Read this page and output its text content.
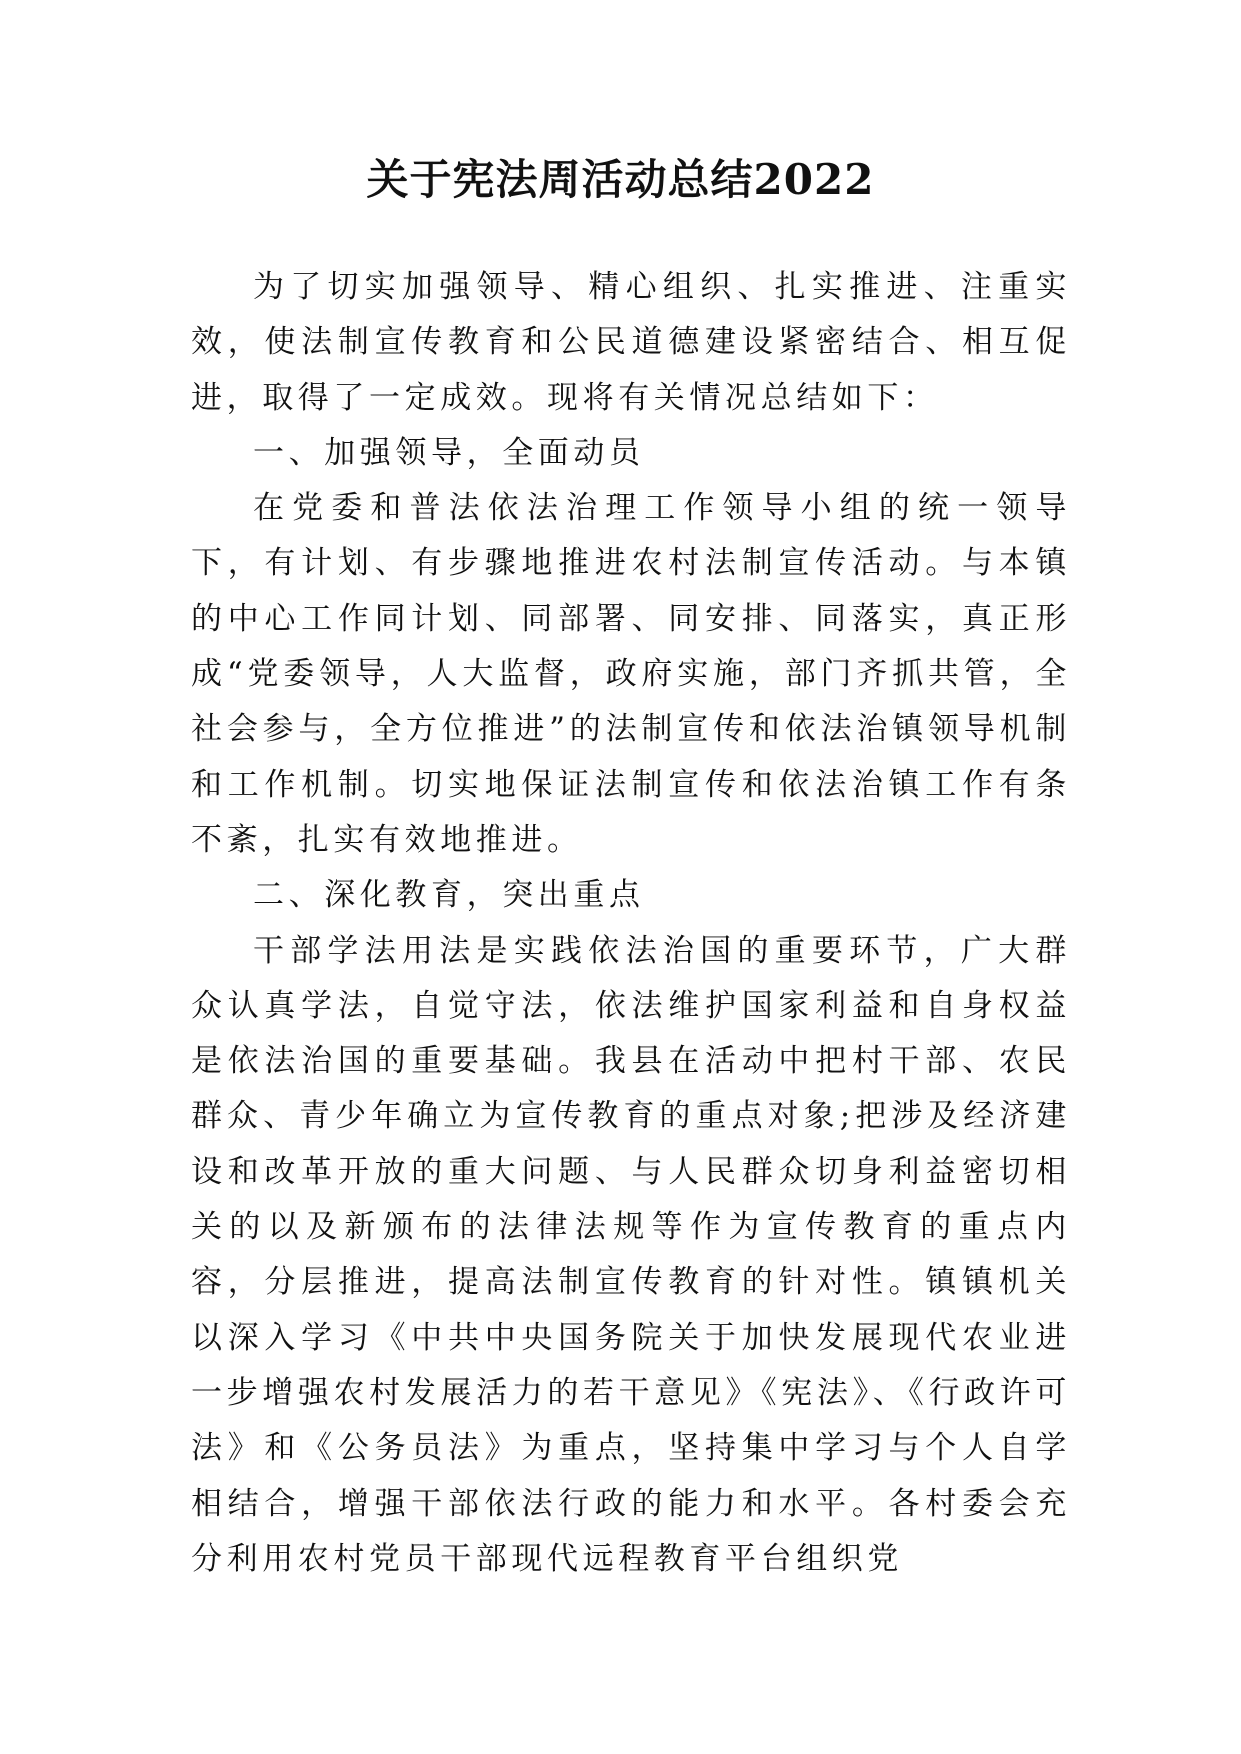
关于宪法周活动总结2022

为了切实加强领导、精心组织、扎实推进、注重实效，使法制宣传教育和公民道德建设紧密结合、相互促进，取得了一定成效。现将有关情况总结如下：

一、加强领导，全面动员

在党委和普法依法治理工作领导小组的统一领导下，有计划、有步骤地推进农村法制宣传活动。与本镇的中心工作同计划、同部署、同安排、同落实，真正形成“党委领导，人大监督，政府实施，部门齐抓共管，全社会参与，全方位推进”的法制宣传和依法治镇领导机制和工作机制。切实地保证法制宣传和依法治镇工作有条不紊，扎实有效地推进。

二、深化教育，突出重点

干部学法用法是实践依法治国的重要环节，广大群众认真学法，自觉守法，依法维护国家利益和自身权益是依法治国的重要基础。我县在活动中把村干部、农民群众、青少年确立为宣传教育的重点对象;把涉及经济建设和改革开放的重大问题、与人民群众切身利益密切相关的以及新颁布的法律法规等作为宣传教育的重点内容，分层推进，提高法制宣传教育的针对性。镇镇机关以深入学习《中共中央国务院关于加快发展现代农业进一步增强农村发展活力的若干意见》《宪法》、《行政许可法》和《公务员法》为重点，坚持集中学习与个人自学相结合，增强干部依法行政的能力和水平。各村委会充分利用农村党员干部现代远程教育平台组织党
